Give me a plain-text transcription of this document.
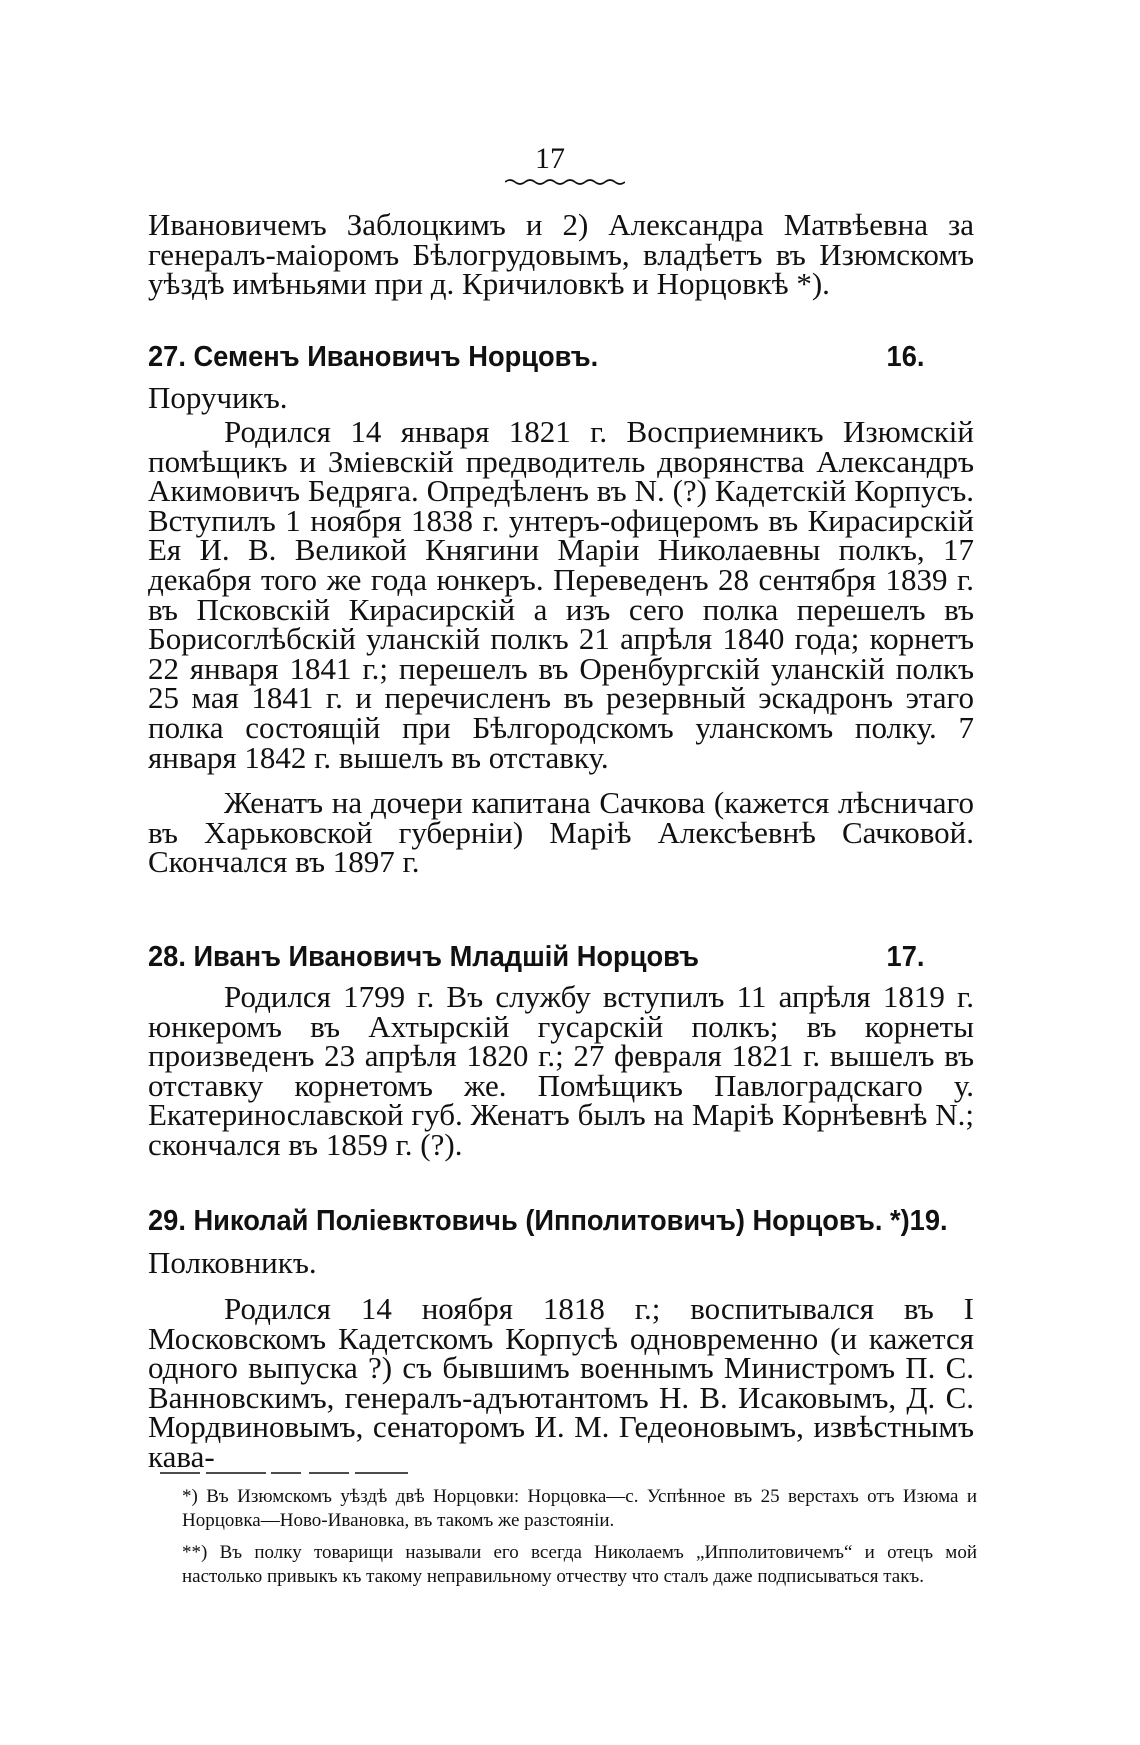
17

Ивановичемъ Заблоцкимъ и 2) Александра Матвѣевна за генералъ-маіоромъ Бѣлогрудовымъ, владѣетъ въ Изюмскомъ уѣздѣ имѣньями при д. Кричиловкѣ и Норцовкѣ *).

27. Семенъ Ивановичъ Норцовъ.	16.

Поручикъ.

Родился 14 января 1821 г. Восприемникъ Изюмскій помѣщикъ и Зміевскій предводитель дворянства Александръ Акимовичъ Бедряга. Опредѣленъ въ N. (?) Кадетскій Корпусъ. Вступилъ 1 ноября 1838 г. унтеръ-офицеромъ въ Кирасирскій Ея И. В. Великой Княгини Маріи Николаевны полкъ, 17 декабря того же года юнкеръ. Переведенъ 28 сентября 1839 г. въ Псковскій Кирасирскій а изъ сего полка перешелъ въ Борисоглѣбскій уланскій полкъ 21 апрѣля 1840 года; корнетъ 22 января 1841 г.; перешелъ въ Оренбургскій уланскій полкъ 25 мая 1841 г. и перечисленъ въ резервный эскадронъ этаго полка состоящій при Бѣлгородскомъ уланскомъ полку. 7 января 1842 г. вышелъ въ отставку.

Женатъ на дочери капитана Сачкова (кажется лѣсничаго въ Харьковской губерніи) Маріѣ Алексѣевнѣ Сачковой. Скончался въ 1897 г.

28. Иванъ Ивановичъ Младшій Норцовъ	17.

Родился 1799 г. Въ службу вступилъ 11 апрѣля 1819 г. юнкеромъ въ Ахтырскій гусарскій полкъ; въ корнеты произведенъ 23 апрѣля 1820 г.; 27 февраля 1821 г. вышелъ въ отставку корнетомъ же. Помѣщикъ Павлоградскаго у. Екатеринославской губ. Женатъ былъ на Маріѣ Корнѣевнѣ N.; скончался въ 1859 г. (?).

29. Николай Поліевктовичь (Ипполитовичъ) Норцовъ. *) 19.

Полковникъ.

Родился 14 ноября 1818 г.; воспитывался въ I Московскомъ Кадетскомъ Корпусѣ одновременно (и кажется одного выпуска ?) съ бывшимъ военнымъ Министромъ П. С. Ванновскимъ, генералъ-адъютантомъ Н. В. Исаковымъ, Д. С. Мордвиновымъ, сенаторомъ И. М. Гедеоновымъ, извѣстнымъ кава-

*) Въ Изюмскомъ уѣздѣ двѣ Норцовки: Норцовка—с. Успѣнное въ 25 верстахъ отъ Изюма и Норцовка—Ново-Ивановка, въ такомъ же разстояніи.

**) Въ полку товарищи называли его всегда Николаемъ „Ипполитовичемъ“ и отецъ мой настолько привыкъ къ такому неправильному отчеству что сталъ даже подписываться такъ.
